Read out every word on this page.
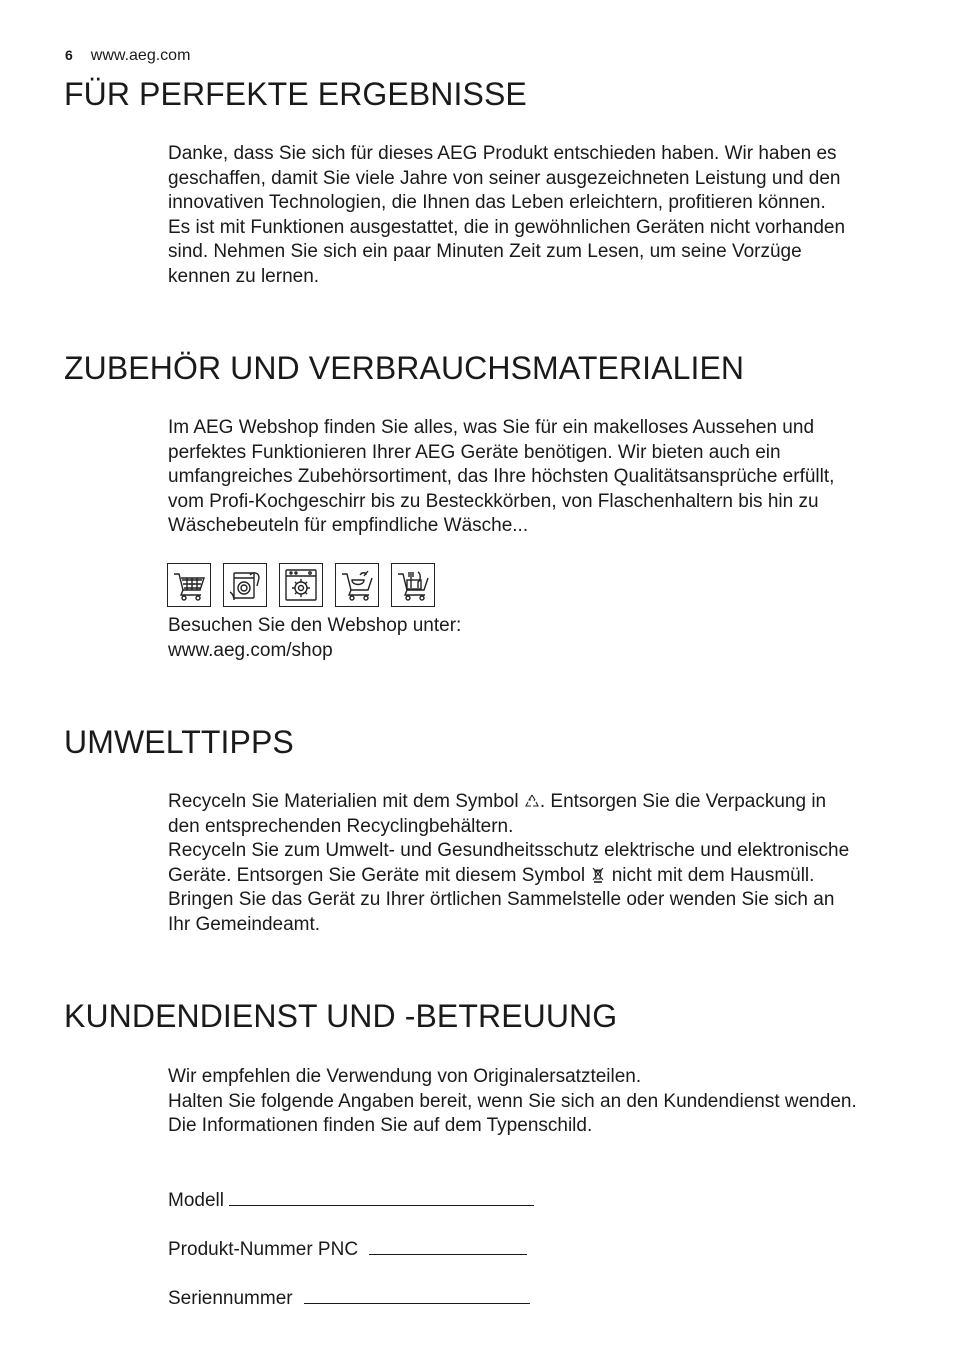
6 www.aeg.com
FÜR PERFEKTE ERGEBNISSE

Danke, dass Sie sich für dieses AEG Produkt entschieden haben. Wir haben es

geschaffen, damit Sie viele Jahre von seiner ausgezeichneten Leistung und den

innovativen Technologien, die Ihnen das Leben erleichtern, profitieren können.

Es ist mit Funktionen ausgestattet, die in gewöhnlichen Geräten nicht vorhanden

sind. Nehmen Sie sich ein paar Minuten Zeit zum Lesen, um seine Vorzüge

kennen zu lernen.

ZUBEHÖR UND VERBRAUCHSMATERIALIEN

Im AEG Webshop finden Sie alles, was Sie für ein makelloses Aussehen und

perfektes Funktionieren Ihrer AEG Geräte benötigen. Wir bieten auch ein

umfangreiches Zubehörsortiment, das Ihre höchsten Qualitätsansprüche erfüllt,

vom Profi-Kochgeschirr bis zu Besteckkörben, von Flaschenhaltern bis hin zu

Wäschebeuteln für empfindliche Wäsche...

Besuchen Sie den Webshop unter:

www.aeg.com/shop

UMWELTTIPPS

Recyceln Sie Materialien mit dem Symbol . Entsorgen Sie die Verpackung in

den entsprechenden Recyclingbehältern.

Recyceln Sie zum Umwelt- und Gesundheitsschutz elektrische und elektronische

Geräte. Entsorgen Sie Geräte mit diesem Symbol  nicht mit dem Hausmüll.

Bringen Sie das Gerät zu Ihrer örtlichen Sammelstelle oder wenden Sie sich an

Ihr Gemeindeamt.

KUNDENDIENST UND -BETREUUNG

Wir empfehlen die Verwendung von Originalersatzteilen.

Halten Sie folgende Angaben bereit, wenn Sie sich an den Kundendienst wenden.

Die Informationen finden Sie auf dem Typenschild.

Modell
Produkt-Nummer PNC
Seriennummer
